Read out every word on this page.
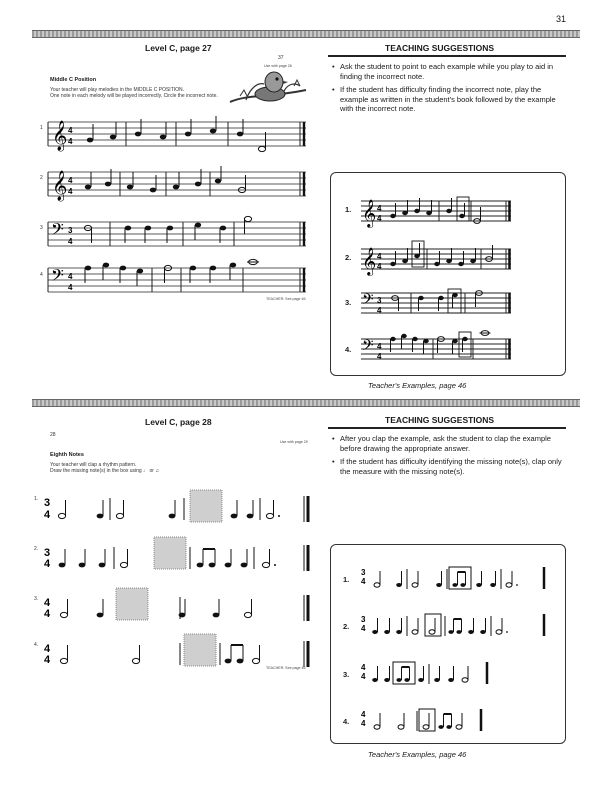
31
Level C, page 27
37
Use with page 26
Middle C Position
Your teacher will play melodies in the MIDDLE C POSITION.
One note in each melody will be played incorrectly. Circle the incorrect note.
1 𝄞 4
4
2 𝄞 4
4
3 𝄢 3
4
4 𝄢 4
4
TEACHER: See page 46
TEACHING SUGGESTIONS
• Ask the student to point to each example while you play to aid in finding the incorrect note.
• If the student has difficulty finding the incorrect note, play the example as written in the student's book followed by the example with the incorrect note.
1. 𝄞 4
4
2. 𝄞 4
4
3. 𝄢 3
4
4. 𝄢 4
4
Teacher's Examples, page 46
Level C, page 28
28
Use with page 29
Eighth Notes
Your teacher will clap a rhythm pattern.
Draw the missing note(s) in the box using ♩ or ♫
1. 3
4
2. 3
4
3. 4
4
4. 4
4
TEACHER: See page 46
TEACHING SUGGESTIONS
• After you clap the example, ask the student to clap the example before drawing the appropriate answer.
• If the student has difficulty identifying the missing note(s), clap only the measure with the missing note(s).
1.
3
4
2.
3
4
3.
4
4
4.
4
4
Teacher's Examples, page 46
